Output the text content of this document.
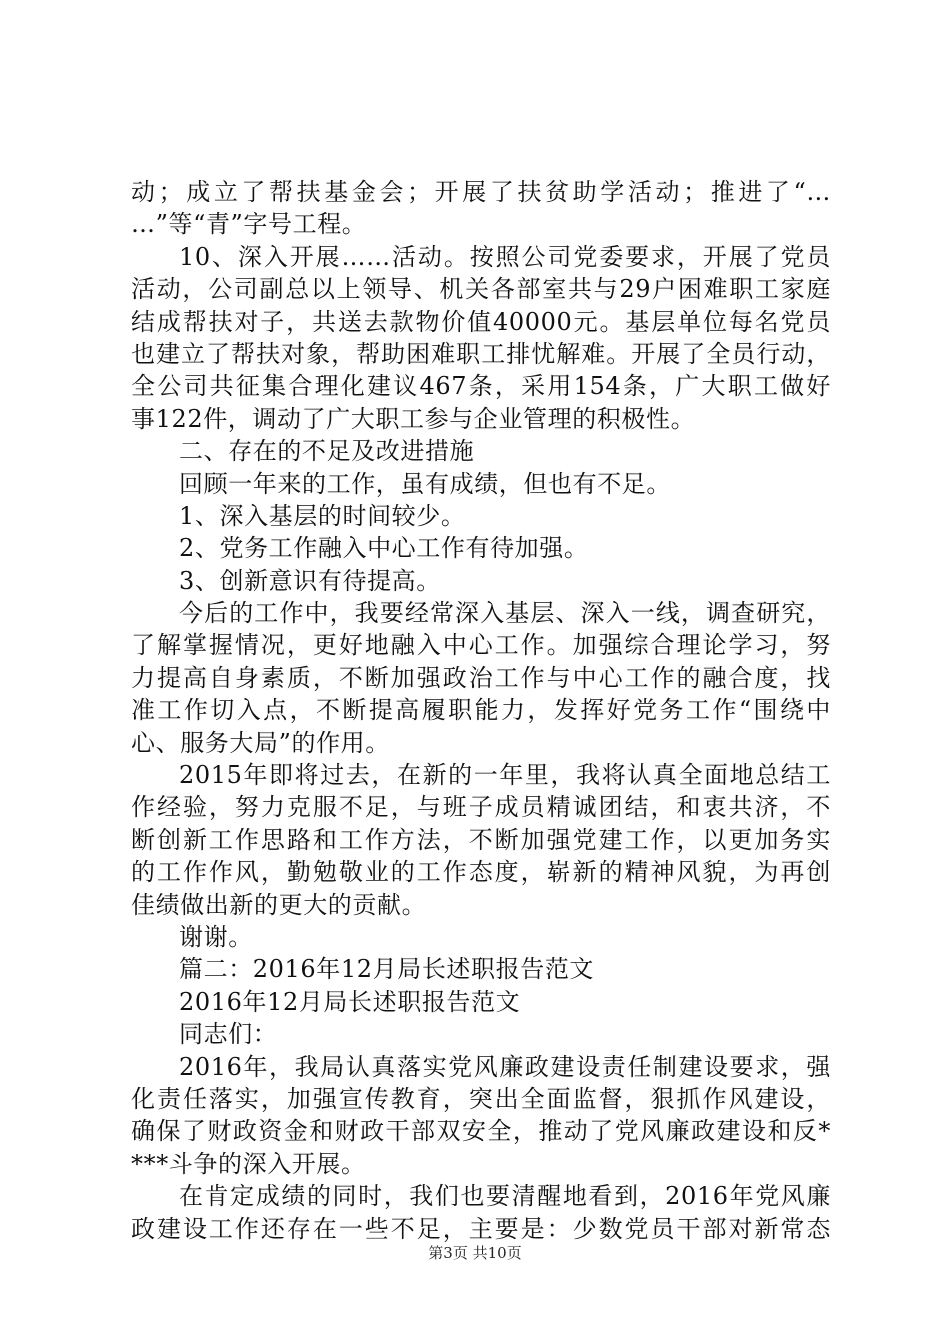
动；成立了帮扶基金会；开展了扶贫助学活动；推进了“…
…”等“青”字号工程。
10、深入开展……活动。按照公司党委要求，开展了党员
活动，公司副总以上领导、机关各部室共与29户困难职工家庭
结成帮扶对子，共送去款物价值40000元。基层单位每名党员
也建立了帮扶对象，帮助困难职工排忧解难。开展了全员行动，
全公司共征集合理化建议467条，采用154条，广大职工做好
事122件，调动了广大职工参与企业管理的积极性。
二、存在的不足及改进措施
回顾一年来的工作，虽有成绩，但也有不足。
1、深入基层的时间较少。
2、党务工作融入中心工作有待加强。
3、创新意识有待提高。
今后的工作中，我要经常深入基层、深入一线，调查研究，
了解掌握情况，更好地融入中心工作。加强综合理论学习，努
力提高自身素质，不断加强政治工作与中心工作的融合度，找
准工作切入点，不断提高履职能力，发挥好党务工作“围绕中
心、服务大局”的作用。
2015年即将过去，在新的一年里，我将认真全面地总结工
作经验，努力克服不足，与班子成员精诚团结，和衷共济，不
断创新工作思路和工作方法，不断加强党建工作，以更加务实
的工作作风，勤勉敬业的工作态度，崭新的精神风貌，为再创
佳绩做出新的更大的贡献。
谢谢。
篇二：2016年12月局长述职报告范文
2016年12月局长述职报告范文
同志们：
2016年，我局认真落实党风廉政建设责任制建设要求，强
化责任落实，加强宣传教育，突出全面监督，狠抓作风建设，
确保了财政资金和财政干部双安全，推动了党风廉政建设和反*
***斗争的深入开展。
在肯定成绩的同时，我们也要清醒地看到，2016年党风廉
政建设工作还存在一些不足，主要是：少数党员干部对新常态
第3页 共10页
